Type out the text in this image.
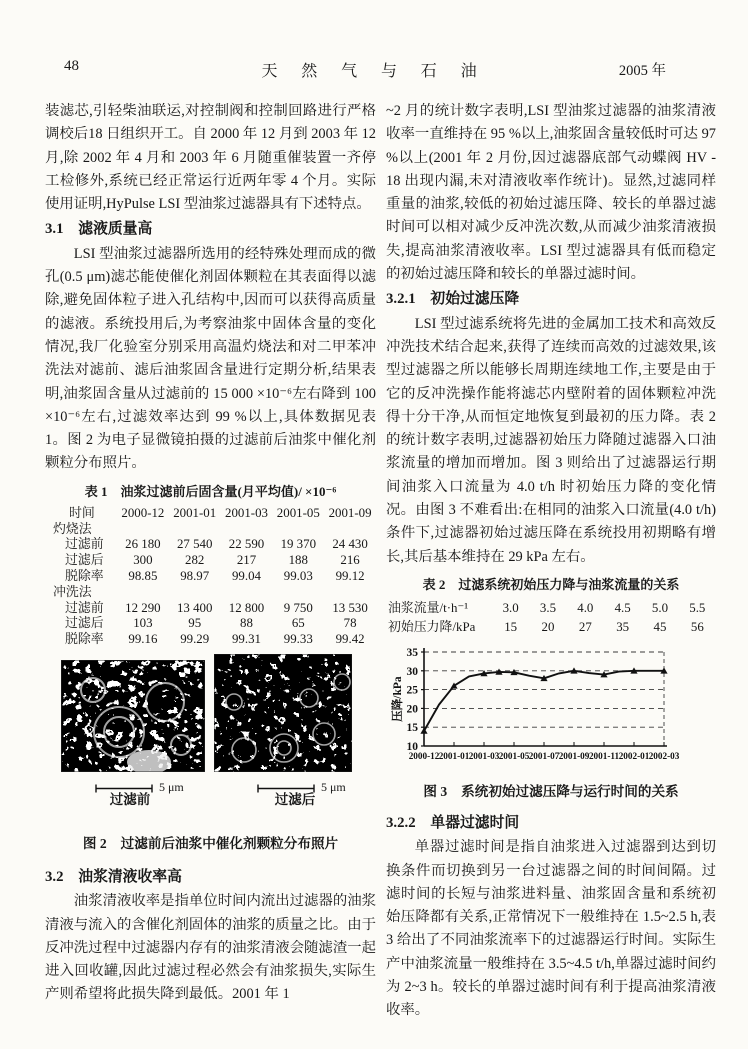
48	天 然 气 与 石 油	2005 年

装滤芯,引轻柴油联运,对控制阀和控制回路进行严格调校后18 日组织开工。自 2000 年 12 月到 2003 年 12 月,除 2002 年 4 月和 2003 年 6 月随重催装置一齐停工检修外,系统已经正常运行近两年零 4 个月。实际使用证明,HyPulse LSI 型油浆过滤器具有下述特点。

3.1　滤液质量高

LSI 型油浆过滤器所选用的经特殊处理而成的微孔(0.5 μm)滤芯能使催化剂固体颗粒在其表面得以滤除,避免固体粒子进入孔结构中,因而可以获得高质量的滤液。系统投用后,为考察油浆中固体含量的变化情况,我厂化验室分别采用高温灼烧法和对二甲苯冲洗法对滤前、滤后油浆固含量进行定期分析,结果表明,油浆固含量从过滤前的 15 000 ×10⁻⁶左右降到 100 ×10⁻⁶左右,过滤效率达到 99 %以上,具体数据见表 1。图 2 为电子显微镜拍摄的过滤前后油浆中催化剂颗粒分布照片。

表 1　油浆过滤前后固含量(月平均值)/ ×10⁻⁶
时间	2000-12 2001-01 2001-03 2001-05 2001-09
灼烧法
过滤前	26 180	27 540	22 590	19 370	24 430
过滤后	300	282	217	188	216
脱除率	98.85	98.97	99.04	99.03	99.12
冲洗法
过滤前	12 290	13 400	12 800	9 750	13 530
过滤后	103	95	88	65	78
脱除率	99.16	99.29	99.31	99.33	99.42
5 μm	5 μm
过滤前	过滤后
图 2 过滤前后油浆中催化剂颗粒分布照片
3.2　油浆清液收率高

油浆清液收率是指单位时间内流出过滤器的油浆清液与流入的含催化剂固体的油浆的质量之比。由于反冲洗过程中过滤器内存有的油浆清液会随滤渣一起进入回收罐,因此过滤过程必然会有油浆损失,实际生产则希望将此损失降到最低。2001 年 1

~2 月的统计数字表明,LSI 型油浆过滤器的油浆清液收率一直维持在 95 %以上,油浆固含量较低时可达 97 %以上(2001 年 2 月份,因过滤器底部气动蝶阀 HV - 18 出现内漏,未对清液收率作统计)。显然,过滤同样重量的油浆,较低的初始过滤压降、较长的单器过滤时间可以相对减少反冲洗次数,从而减少油浆清液损失,提高油浆清液收率。LSI 型过滤器具有低而稳定的初始过滤压降和较长的单器过滤时间。

3.2.1　初始过滤压降

LSI 型过滤系统将先进的金属加工技术和高效反冲洗技术结合起来,获得了连续而高效的过滤效果,该型过滤器之所以能够长周期连续地工作,主要是由于它的反冲洗操作能将滤芯内壁附着的固体颗粒冲洗得十分干净,从而恒定地恢复到最初的压力降。表 2 的统计数字表明,过滤器初始压力降随过滤器入口油浆流量的增加而增加。图 3 则给出了过滤器运行期间油浆入口流量为 4.0 t/h 时初始压力降的变化情况。由图 3 不难看出:在相同的油浆入口流量(4.0 t/h)条件下,过滤器初始过滤压降在系统投用初期略有增长,其后基本维持在 29 kPa 左右。

表 2　过滤系统初始压力降与油浆流量的关系
油浆流量/t·h⁻¹	3.0	3.5	4.0	4.5	5.0	5.5
初始压力降/kPa	15	20	27	35	45	56
10
15
20
25
30
35
2000-12 2001-01 2001-03 2001-05 2001-07 2001-09 2001-11 2002-01 2002-03
压降/kPa
图 3 系统初始过滤压降与运行时间的关系
3.2.2　单器过滤时间

单器过滤时间是指自油浆进入过滤器到达到切换条件而切换到另一台过滤器之间的时间间隔。过滤时间的长短与油浆进料量、油浆固含量和系统初始压降都有关系,正常情况下一般维持在 1.5~2.5 h,表 3 给出了不同油浆流率下的过滤器运行时间。实际生产中油浆流量一般维持在 3.5~4.5 t/h,单器过滤时间约为 2~3 h。较长的单器过滤时间有利于提高油浆清液收率。
